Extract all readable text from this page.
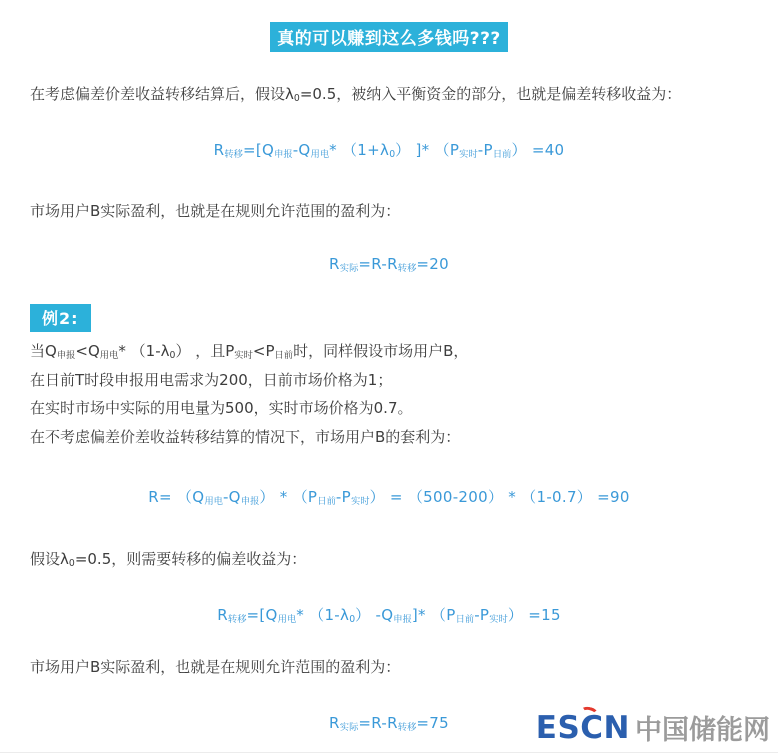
真的可以赚到这么多钱吗???
在考虑偏差价差收益转移结算后，假设λ0=0.5，被纳入平衡资金的部分，也就是偏差转移收益为：
R转移=[Q申报-Q用电* （1+λ0） ]* （P实时-P日前） =40
市场用户B实际盈利，也就是在规则允许范围的盈利为：
R实际=R-R转移=20
例2:
当Q申报<Q用电* （1-λ0） ，且P实时<P日前时，同样假设市场用户B，
在日前T时段申报用电需求为200，日前市场价格为1；
在实时市场中实际的用电量为500，实时市场价格为0.7。
在不考虑偏差价差收益转移结算的情况下，市场用户B的套利为：
R= （Q用电-Q申报） * （P日前-P实时） = （500-200） * （1-0.7） =90
假设λ0=0.5，则需要转移的偏差收益为：
R转移=[Q用电* （1-λ0） -Q申报]* （P日前-P实时） =15
市场用户B实际盈利，也就是在规则允许范围的盈利为：
R实际=R-R转移=75	ES C N 中国储能网
